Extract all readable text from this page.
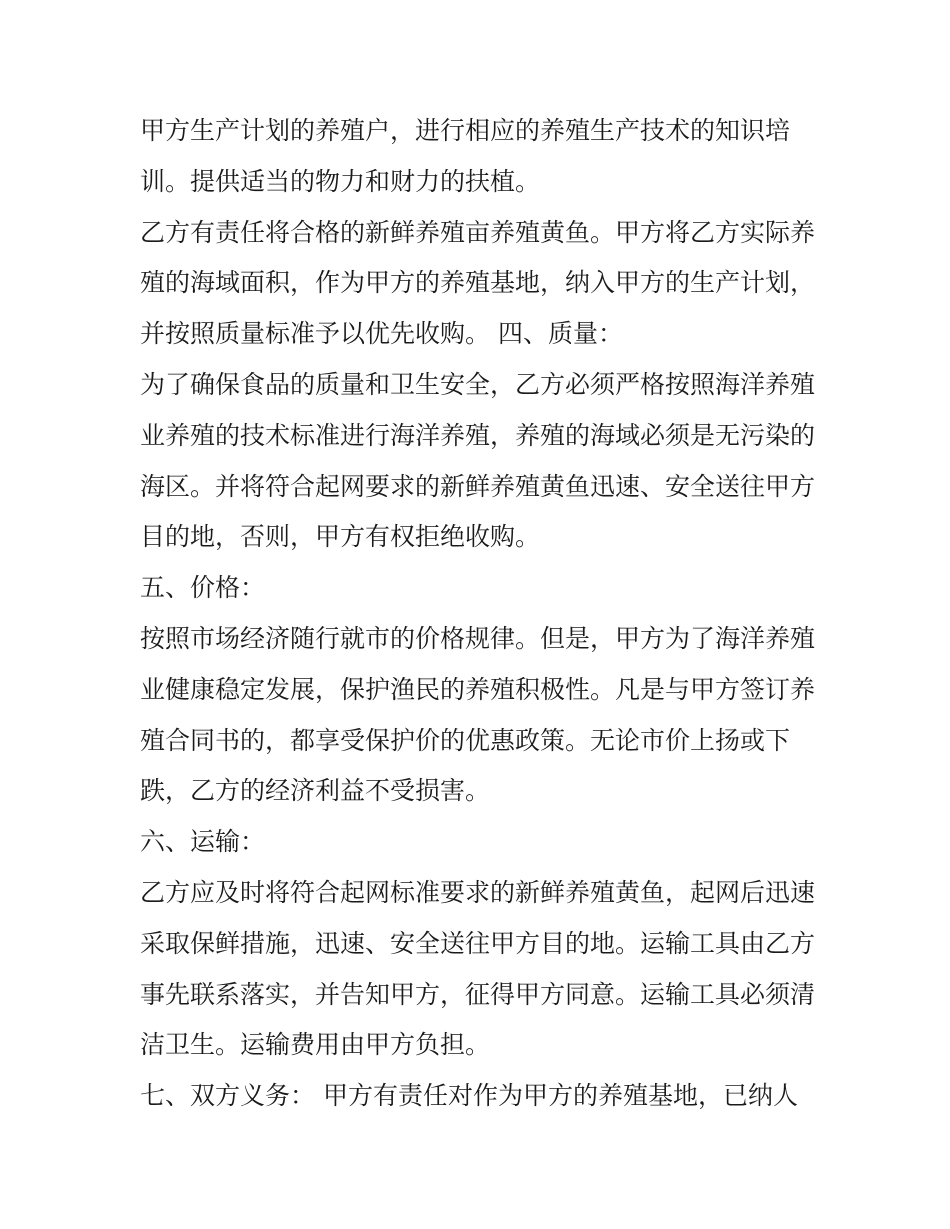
甲方生产计划的养殖户，进行相应的养殖生产技术的知识培
训。提供适当的物力和财力的扶植。
乙方有责任将合格的新鲜养殖亩养殖黄鱼。甲方将乙方实际养
殖的海域面积，作为甲方的养殖基地，纳入甲方的生产计划，
并按照质量标准予以优先收购。 四、质量：
为了确保食品的质量和卫生安全，乙方必须严格按照海洋养殖
业养殖的技术标准进行海洋养殖，养殖的海域必须是无污染的
海区。并将符合起网要求的新鲜养殖黄鱼迅速、安全送往甲方
目的地，否则，甲方有权拒绝收购。
五、价格：
按照市场经济随行就市的价格规律。但是，甲方为了海洋养殖
业健康稳定发展，保护渔民的养殖积极性。凡是与甲方签订养
殖合同书的，都享受保护价的优惠政策。无论市价上扬或下
跌，乙方的经济利益不受损害。
六、运输：
乙方应及时将符合起网标准要求的新鲜养殖黄鱼，起网后迅速
采取保鲜措施，迅速、安全送往甲方目的地。运输工具由乙方
事先联系落实，并告知甲方，征得甲方同意。运输工具必须清
洁卫生。运输费用由甲方负担。
七、双方义务： 甲方有责任对作为甲方的养殖基地，已纳人
